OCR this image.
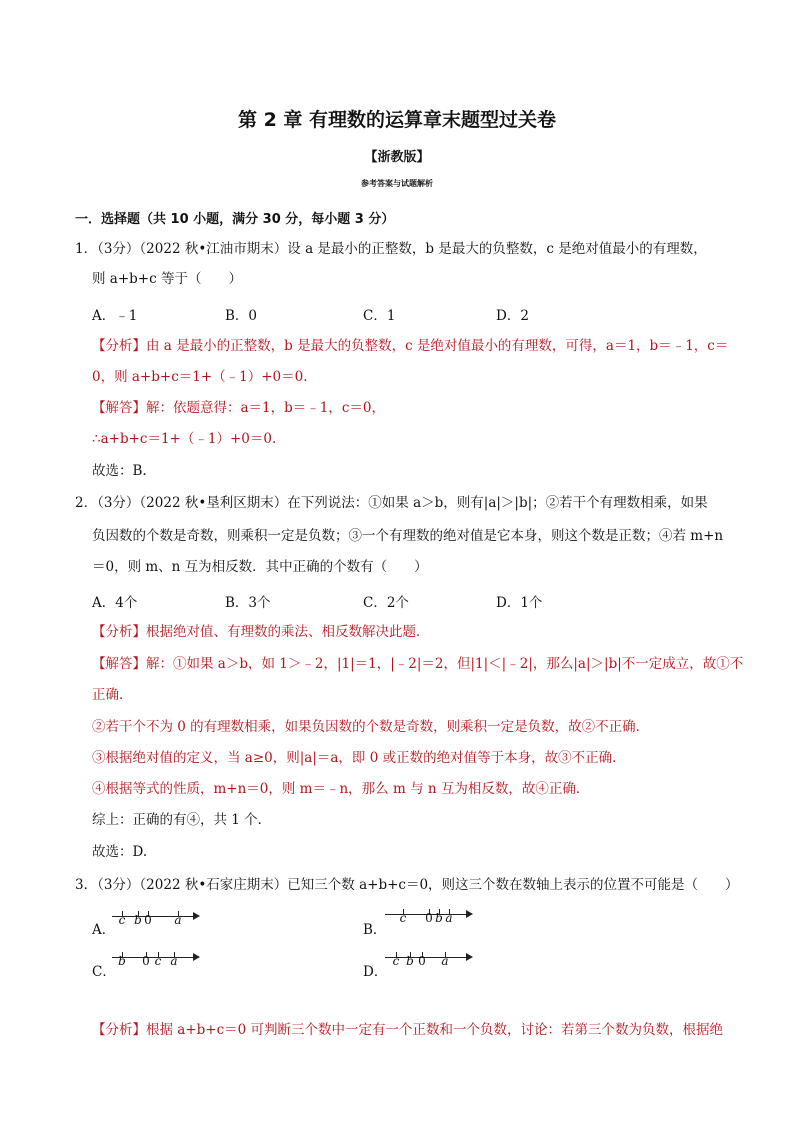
第 2 章 有理数的运算章末题型过关卷
【浙教版】
参考答案与试题解析
一．选择题（共 10 小题，满分 30 分，每小题 3 分）
1．（3分）（2022 秋•江油市期末）设 a 是最小的正整数，b 是最大的负整数，c 是绝对值最小的有理数，
则 a+b+c 等于（　　）
A．﹣1	B．0	C．1	D．2
【分析】由 a 是最小的正整数，b 是最大的负整数，c 是绝对值最小的有理数，可得，a＝1，b＝﹣1，c＝
0，则 a+b+c＝1+（﹣1）+0＝0.
【解答】解：依题意得：a＝1，b＝﹣1，c＝0，
∴a+b+c＝1+（﹣1）+0＝0.
故选：B.
2．（3分）（2022 秋•垦利区期末）在下列说法：①如果 a＞b，则有|a|＞|b|；②若干个有理数相乘，如果
负因数的个数是奇数，则乘积一定是负数；③一个有理数的绝对值是它本身，则这个数是正数；④若 m+n
＝0，则 m、n 互为相反数．其中正确的个数有（　　）
A．4个	B．3个	C．2个	D．1个
【分析】根据绝对值、有理数的乘法、相反数解决此题．
【解答】解：①如果 a＞b，如 1＞﹣2，|1|＝1，|﹣2|＝2，但|1|＜|﹣2|，那么|a|＞|b|不一定成立，故①不
正确．
②若干个不为 0 的有理数相乘，如果负因数的个数是奇数，则乘积一定是负数，故②不正确．
③根据绝对值的定义，当 a≥0，则|a|＝a，即 0 或正数的绝对值等于本身，故③不正确．
④根据等式的性质，m+n＝0，则 m＝﹣n，那么 m 与 n 互为相反数，故④正确．
综上：正确的有④，共 1 个．
故选：D.
3．（3分）（2022 秋•石家庄期末）已知三个数 a+b+c＝0，则这三个数在数轴上表示的位置不可能是（　　）
A．
c b 0 a
B．
c 0 b a
C．
b 0 c a
D．
c b 0 a
【分析】根据 a+b+c＝0 可判断三个数中一定有一个正数和一个负数，讨论：若第三个数为负数，根据绝
